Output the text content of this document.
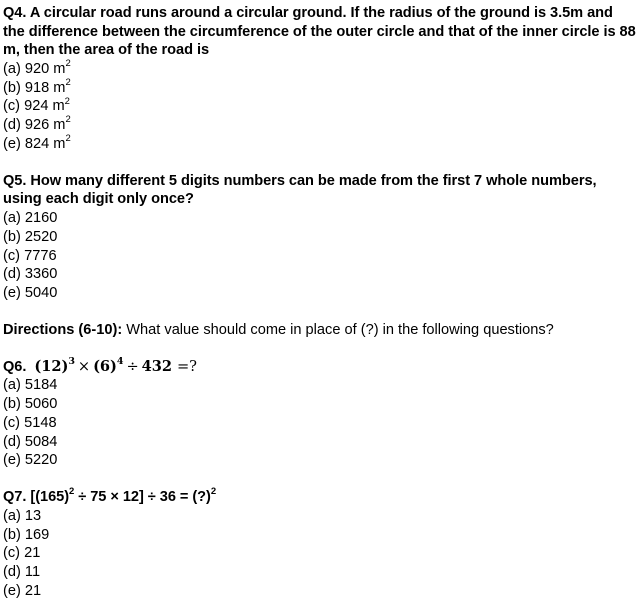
Q4. A circular road runs around a circular ground. If the radius of the ground is 3.5m and the difference between the circumference of the outer circle and that of the inner circle is 88 m, then the area of the road is

(a) 920 $m^2$
(b) 918 $m^2$
(c) 924 $m^2$
(d) 926 $m^2$
(e) 824 $m^2$

Q5. How many different 5 digits numbers can be made from the first 7 whole numbers, using each digit only once?

(a) 2160
(b) 2520
(c) 7776
(d) 3360
(e) 5040

Directions (6-10): What value should come in place of (?) in the following questions?

Q6. $(12)^3 \times (6)^4 \div 432$ =?

(a) 5184
(b) 5060
(c) 5148
(d) 5084
(e) 5220

Q7. $[(165)^2 \div 75 \times 12] \div 36$ = (?)$^2$

(a) 13
(b) 169
(c) 21
(d) 11
(e) 21
